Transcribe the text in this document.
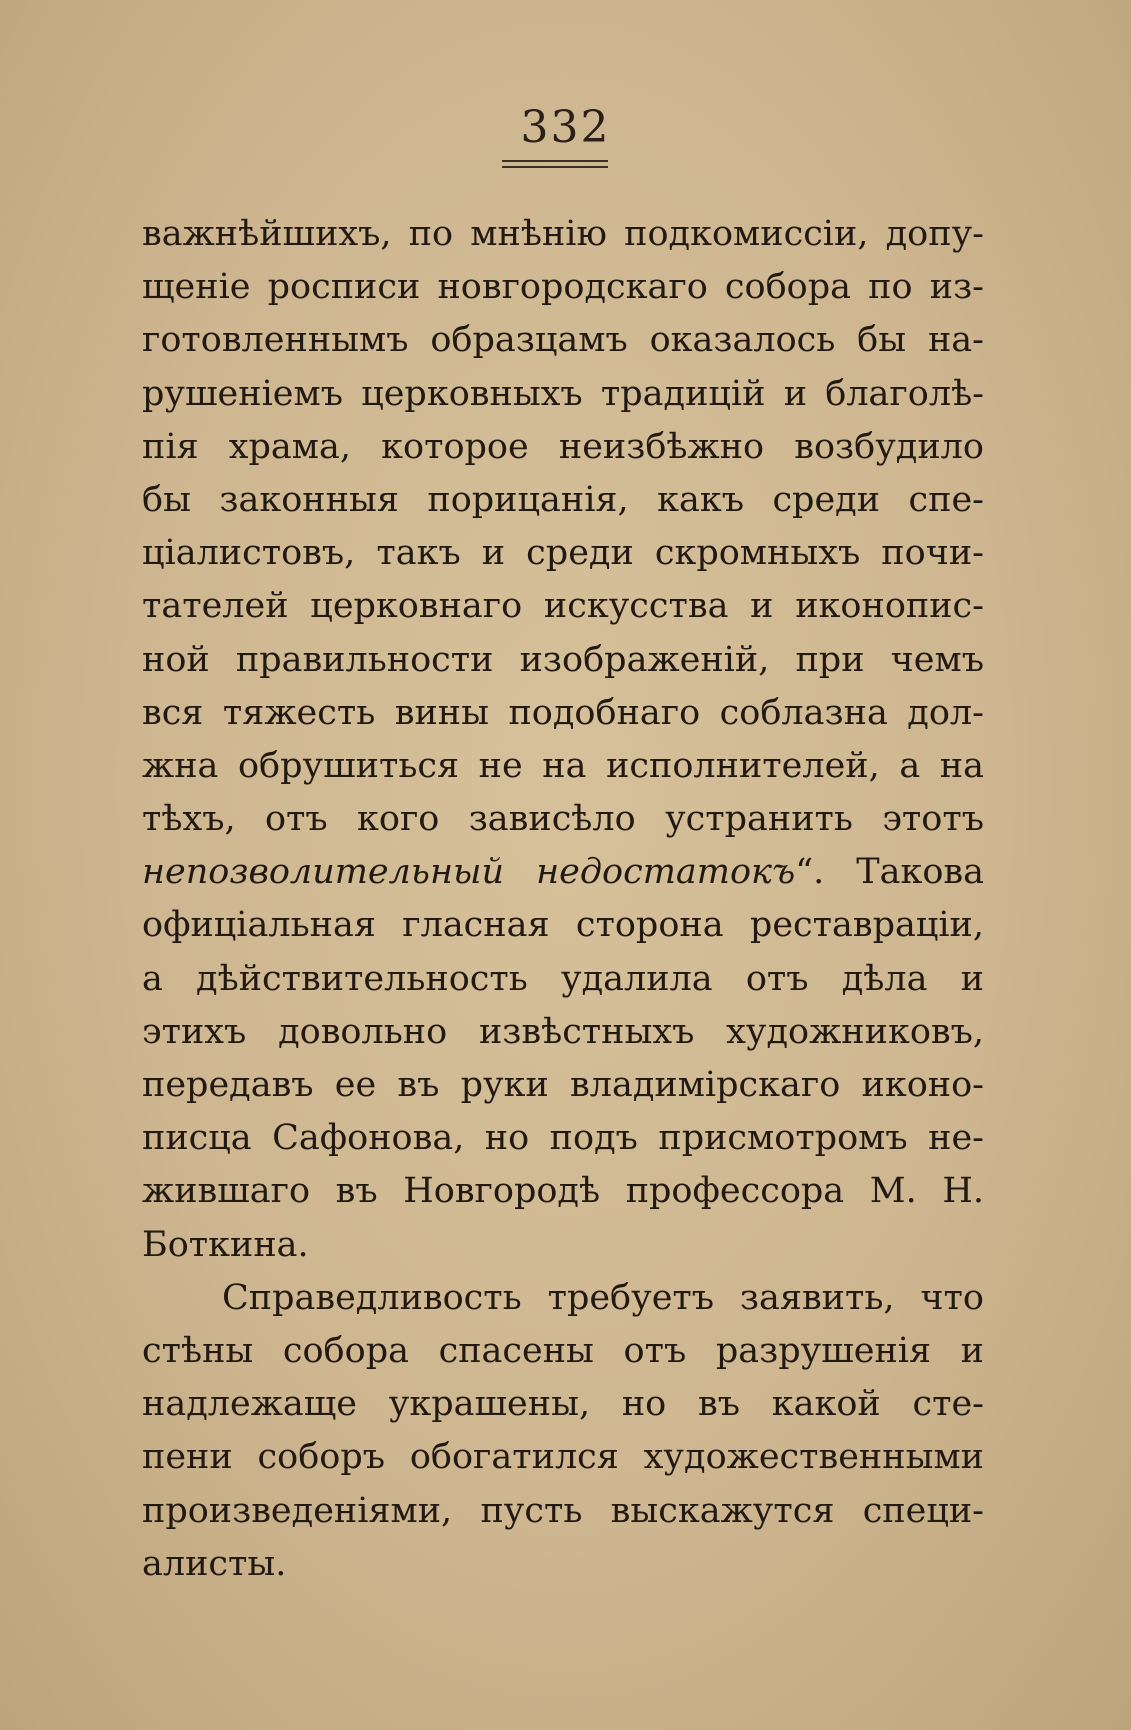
332
важнѣйшихъ, по мнѣнію подкомиссіи, допу-
щеніе росписи новгородскаго собора по из-
готовленнымъ образцамъ оказалось бы на-
рушеніемъ церковныхъ традицій и благолѣ-
пія храма, которое неизбѣжно возбудило
бы законныя порицанія, какъ среди спе-
ціалистовъ, такъ и среди скромныхъ почи-
тателей церковнаго искусства и иконопис-
ной правильности изображеній, при чемъ
вся тяжесть вины подобнаго соблазна дол-
жна обрушиться не на исполнителей, а на
тѣхъ, отъ кого зависѣло устранить этотъ
непозволительный недостатокъ“. Такова
офиціальная гласная сторона реставраціи,
а дѣйствительность удалила отъ дѣла и
этихъ довольно извѣстныхъ художниковъ,
передавъ ее въ руки владимірскаго иконо-
писца Сафонова, но подъ присмотромъ не-
жившаго въ Новгородѣ профессора М. Н.
Боткина.
Справедливость требуетъ заявить, что
стѣны собора спасены отъ разрушенія и
надлежаще украшены, но въ какой сте-
пени соборъ обогатился художественными
произведеніями, пусть выскажутся специ-
алисты.
